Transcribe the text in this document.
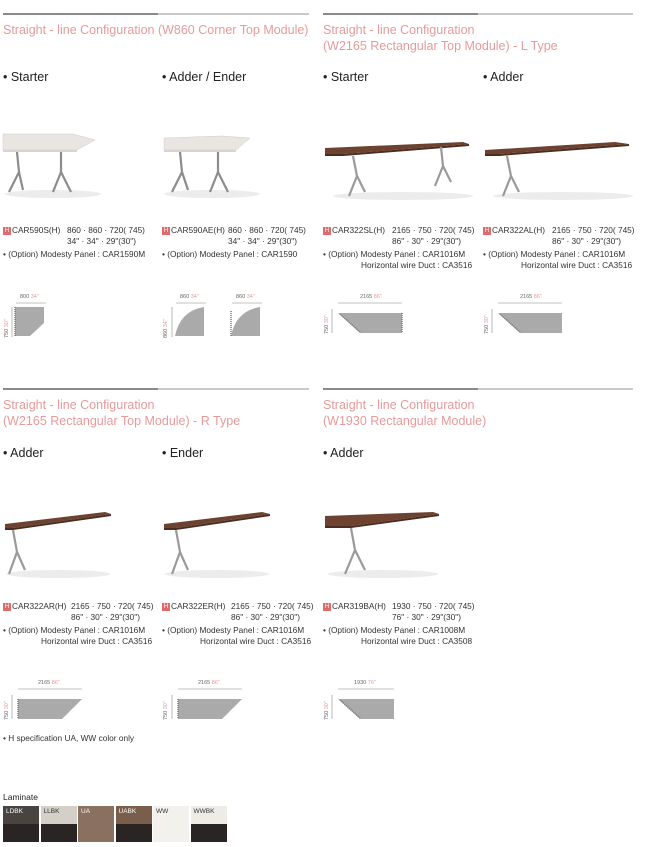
Straight - line Configuration (W860 Corner Top Module) Straight - line Configuration
(W2165 Rectangular Top Module) - L Type
Straight - line Configuration
(W2165 Rectangular Top Module) - R Type
Straight - line Configuration
(W1930 Rectangular Module)
• Starter	• Adder / Ender	• Starter	• Adder
• Adder	• Ender	• Adder
H CAR590S(H)	H CAR590AE(H)	H CAR322SL(H)	H CAR322AL(H)
H CAR322AR(H)	H CAR322ER(H)	H CAR319BA(H)
860 · 860 · 720( 745)
34" · 34" · 29"(30")
860 · 860 · 720( 745)
34" · 34" · 29"(30")
2165 · 750 · 720( 745)
86" · 30" · 29"(30")
2165 · 750 · 720( 745)
86" · 30" · 29"(30")
2165 · 750 · 720( 745)
86" · 30" · 29"(30")
2165 · 750 · 720( 745)
86" · 30" · 29"(30")
1930 · 750 · 720( 745)
76" · 30" · 29"(30")
• (Option) Modesty Panel : CAR1590M • (Option) Modesty Panel : CAR1590	• (Option) Modesty Panel : CAR1016M
Horizontal wire Duct : CA3516
• (Option) Modesty Panel : CAR1016M
Horizontal wire Duct : CA3516
• (Option) Modesty Panel : CAR1016M
Horizontal wire Duct : CA3516
• (Option) Modesty Panel : CAR1016M
Horizontal wire Duct : CA3516
• (Option) Modesty Panel : CAR1008M
Horizontal wire Duct : CA3508
800 34"
750 30"
860 34"
860 34"
860 34"	2165 86"
750 30"
2165 86"
750 30"
2165 86"
750 30"
2165 86"
750 30"
1930 76"
750 30"
• H specification UA, WW color only
Laminate
LDBK	LLBK	UA	UABK	WW	WWBK
